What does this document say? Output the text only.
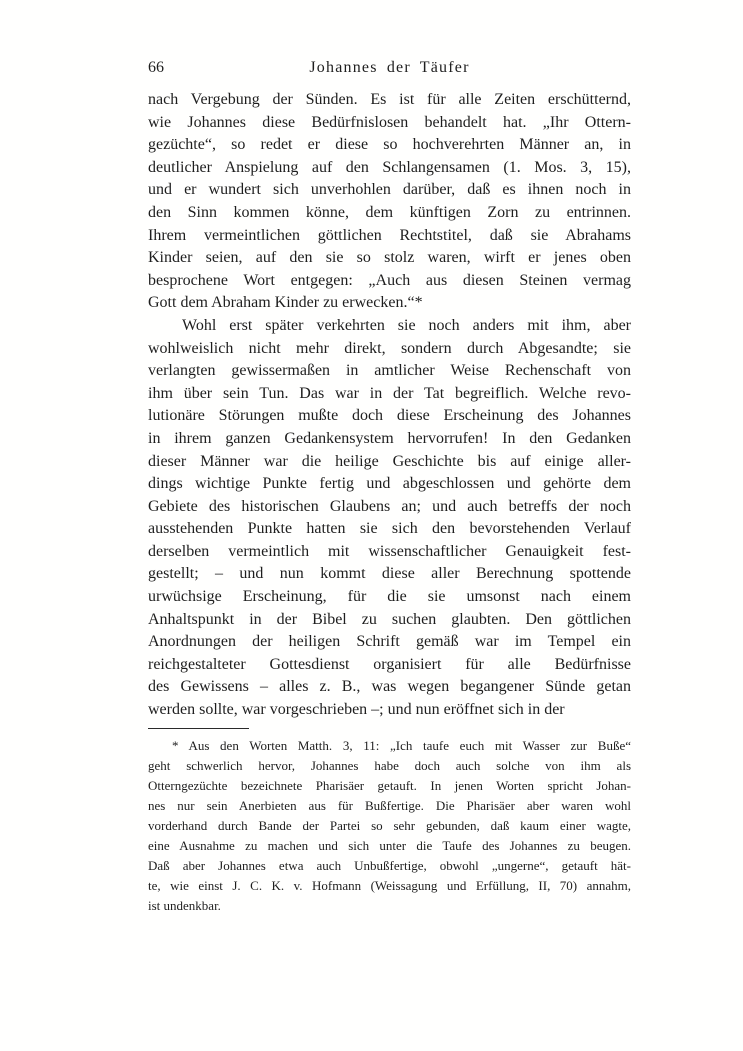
66	Johannes der Täufer
nach Vergebung der Sünden. Es ist für alle Zeiten erschütternd,
wie Johannes diese Bedürfnislosen behandelt hat. „Ihr Ottern-
gezüchte“, so redet er diese so hochverehrten Männer an, in
deutlicher Anspielung auf den Schlangensamen (1. Mos. 3, 15),
und er wundert sich unverhohlen darüber, daß es ihnen noch in
den Sinn kommen könne, dem künftigen Zorn zu entrinnen.
Ihrem vermeintlichen göttlichen Rechtstitel, daß sie Abrahams
Kinder seien, auf den sie so stolz waren, wirft er jenes oben
besprochene Wort entgegen: „Auch aus diesen Steinen vermag
Gott dem Abraham Kinder zu erwecken.“*
Wohl erst später verkehrten sie noch anders mit ihm, aber
wohlweislich nicht mehr direkt, sondern durch Abgesandte; sie
verlangten gewissermaßen in amtlicher Weise Rechenschaft von
ihm über sein Tun. Das war in der Tat begreiflich. Welche revo-
lutionäre Störungen mußte doch diese Erscheinung des Johannes
in ihrem ganzen Gedankensystem hervorrufen! In den Gedanken
dieser Männer war die heilige Geschichte bis auf einige aller-
dings wichtige Punkte fertig und abgeschlossen und gehörte dem
Gebiete des historischen Glaubens an; und auch betreffs der noch
ausstehenden Punkte hatten sie sich den bevorstehenden Verlauf
derselben vermeintlich mit wissenschaftlicher Genauigkeit fest-
gestellt; – und nun kommt diese aller Berechnung spottende
urwüchsige Erscheinung, für die sie umsonst nach einem
Anhaltspunkt in der Bibel zu suchen glaubten. Den göttlichen
Anordnungen der heiligen Schrift gemäß war im Tempel ein
reichgestalteter Gottesdienst organisiert für alle Bedürfnisse
des Gewissens – alles z. B., was wegen begangener Sünde getan
werden sollte, war vorgeschrieben –; und nun eröffnet sich in der
* Aus den Worten Matth. 3, 11: „Ich taufe euch mit Wasser zur Buße“
geht schwerlich hervor, Johannes habe doch auch solche von ihm als
Otterngezüchte bezeichnete Pharisäer getauft. In jenen Worten spricht Johan-
nes nur sein Anerbieten aus für Bußfertige. Die Pharisäer aber waren wohl
vorderhand durch Bande der Partei so sehr gebunden, daß kaum einer wagte,
eine Ausnahme zu machen und sich unter die Taufe des Johannes zu beugen.
Daß aber Johannes etwa auch Unbußfertige, obwohl „ungerne“, getauft hät-
te, wie einst J. C. K. v. Hofmann (Weissagung und Erfüllung, II, 70) annahm,
ist undenkbar.
